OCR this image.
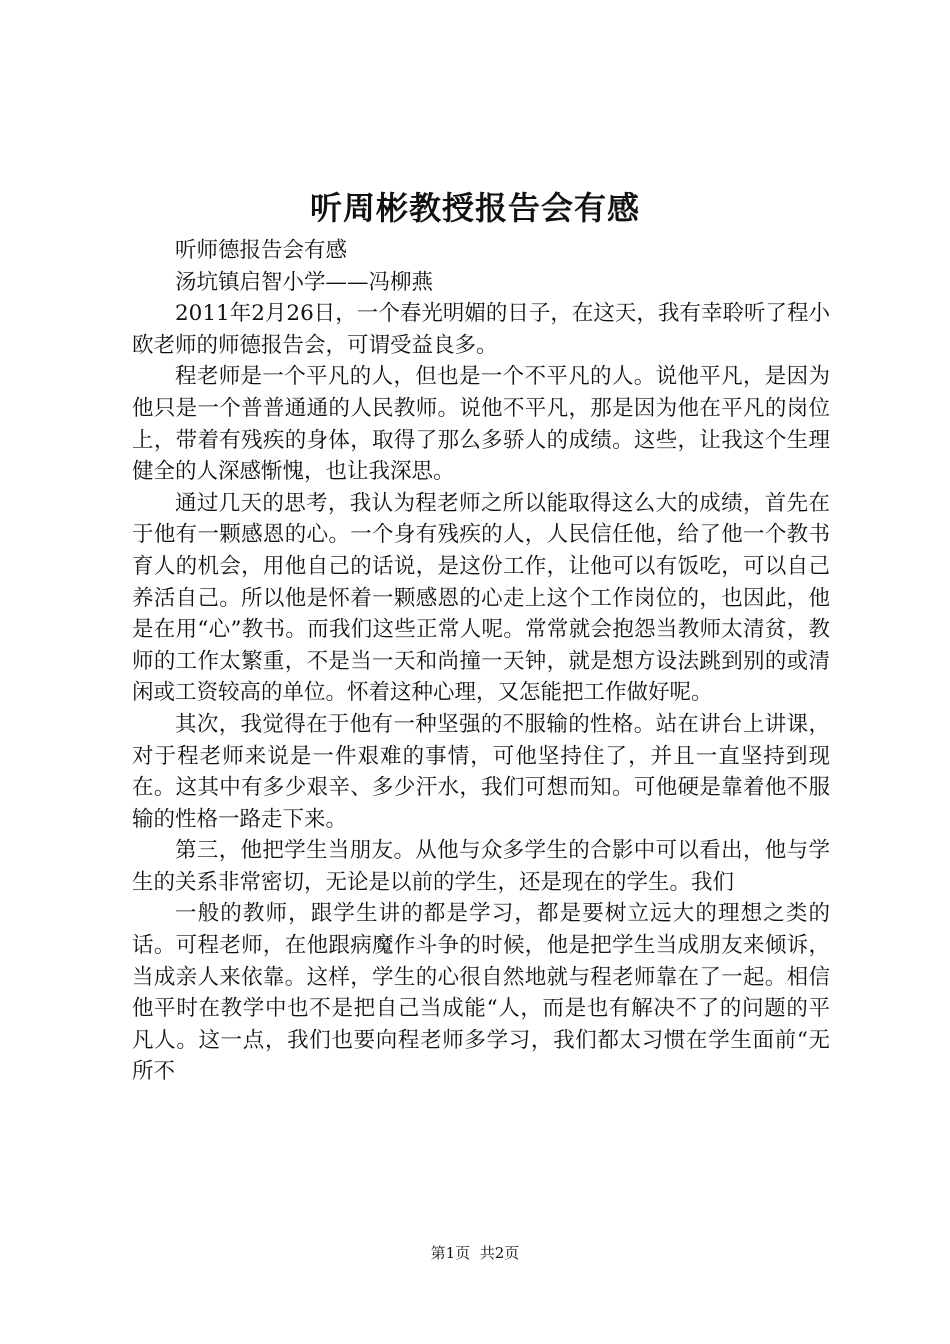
听周彬教授报告会有感

听师德报告会有感

汤坑镇启智小学——冯柳燕

2011年2月26日，一个春光明媚的日子，在这天，我有幸聆听了程小欧老师的师德报告会，可谓受益良多。

程老师是一个平凡的人，但也是一个不平凡的人。说他平凡，是因为他只是一个普普通通的人民教师。说他不平凡，那是因为他在平凡的岗位上，带着有残疾的身体，取得了那么多骄人的成绩。这些，让我这个生理健全的人深感惭愧，也让我深思。

通过几天的思考，我认为程老师之所以能取得这么大的成绩，首先在于他有一颗感恩的心。一个身有残疾的人，人民信任他，给了他一个教书育人的机会，用他自己的话说，是这份工作，让他可以有饭吃，可以自己养活自己。所以他是怀着一颗感恩的心走上这个工作岗位的，也因此，他是在用“心”教书。而我们这些正常人呢。常常就会抱怨当教师太清贫，教师的工作太繁重，不是当一天和尚撞一天钟，就是想方设法跳到别的或清闲或工资较高的单位。怀着这种心理，又怎能把工作做好呢。

其次，我觉得在于他有一种坚强的不服输的性格。站在讲台上讲课，对于程老师来说是一件艰难的事情，可他坚持住了，并且一直坚持到现在。这其中有多少艰辛、多少汗水，我们可想而知。可他硬是靠着他不服输的性格一路走下来。

第三，他把学生当朋友。从他与众多学生的合影中可以看出，他与学生的关系非常密切，无论是以前的学生，还是现在的学生。我们

一般的教师，跟学生讲的都是学习，都是要树立远大的理想之类的话。可程老师，在他跟病魔作斗争的时候，他是把学生当成朋友来倾诉，当成亲人来依靠。这样，学生的心很自然地就与程老师靠在了一起。相信他平时在教学中也不是把自己当成能“人，而是也有解决不了的问题的平凡人。这一点，我们也要向程老师多学习，我们都太习惯在学生面前“无所不

第1页 共2页
